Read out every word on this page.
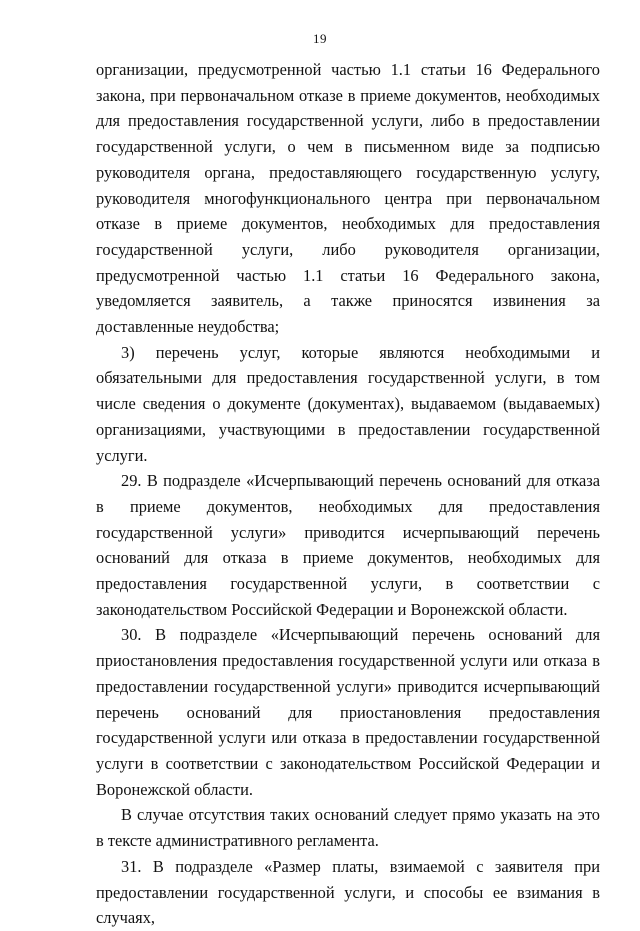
19

организации, предусмотренной частью 1.1 статьи 16 Федерального закона, при первоначальном отказе в приеме документов, необходимых для предоставления государственной услуги, либо в предоставлении государственной услуги, о чем в письменном виде за подписью руководителя органа, предоставляющего государственную услугу, руководителя многофункционального центра при первоначальном отказе в приеме документов, необходимых для предоставления государственной услуги, либо руководителя организации, предусмотренной частью 1.1 статьи 16 Федерального закона, уведомляется заявитель, а также приносятся извинения за доставленные неудобства;

3) перечень услуг, которые являются необходимыми и обязательными для предоставления государственной услуги, в том числе сведения о документе (документах), выдаваемом (выдаваемых) организациями, участвующими в предоставлении государственной услуги.

29. В подразделе «Исчерпывающий перечень оснований для отказа в приеме документов, необходимых для предоставления государственной услуги» приводится исчерпывающий перечень оснований для отказа в приеме документов, необходимых для предоставления государственной услуги, в соответствии с законодательством Российской Федерации и Воронежской области.

30. В подразделе «Исчерпывающий перечень оснований для приостановления предоставления государственной услуги или отказа в предоставлении государственной услуги» приводится исчерпывающий перечень оснований для приостановления предоставления государственной услуги или отказа в предоставлении государственной услуги в соответствии с законодательством Российской Федерации и Воронежской области.

В случае отсутствия таких оснований следует прямо указать на это в тексте административного регламента.

31. В подразделе «Размер платы, взимаемой с заявителя при предоставлении государственной услуги, и способы ее взимания в случаях,
